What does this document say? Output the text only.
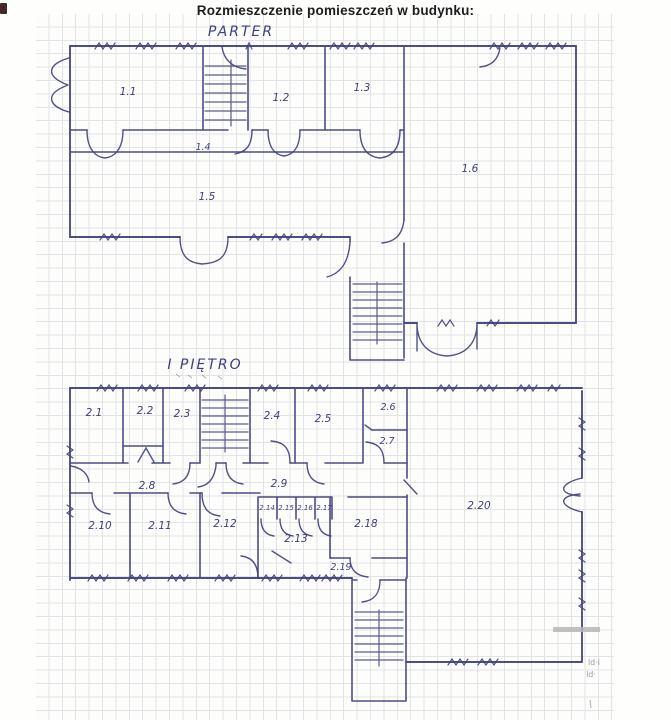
Rozmieszczenie pomieszczeń w budynku:
PARTER
I PIĘTRO
1.1	1.2
1.3
1.4
1.5
1.6
2.1	2.2 2.3	2.4	2.5
2.6
2.7
2.8	2.9
2.10	2.11	2.12
2.13
2.14 2.15 2.16 2.17
2.18
2.19
2.20
ld·i
ld·
